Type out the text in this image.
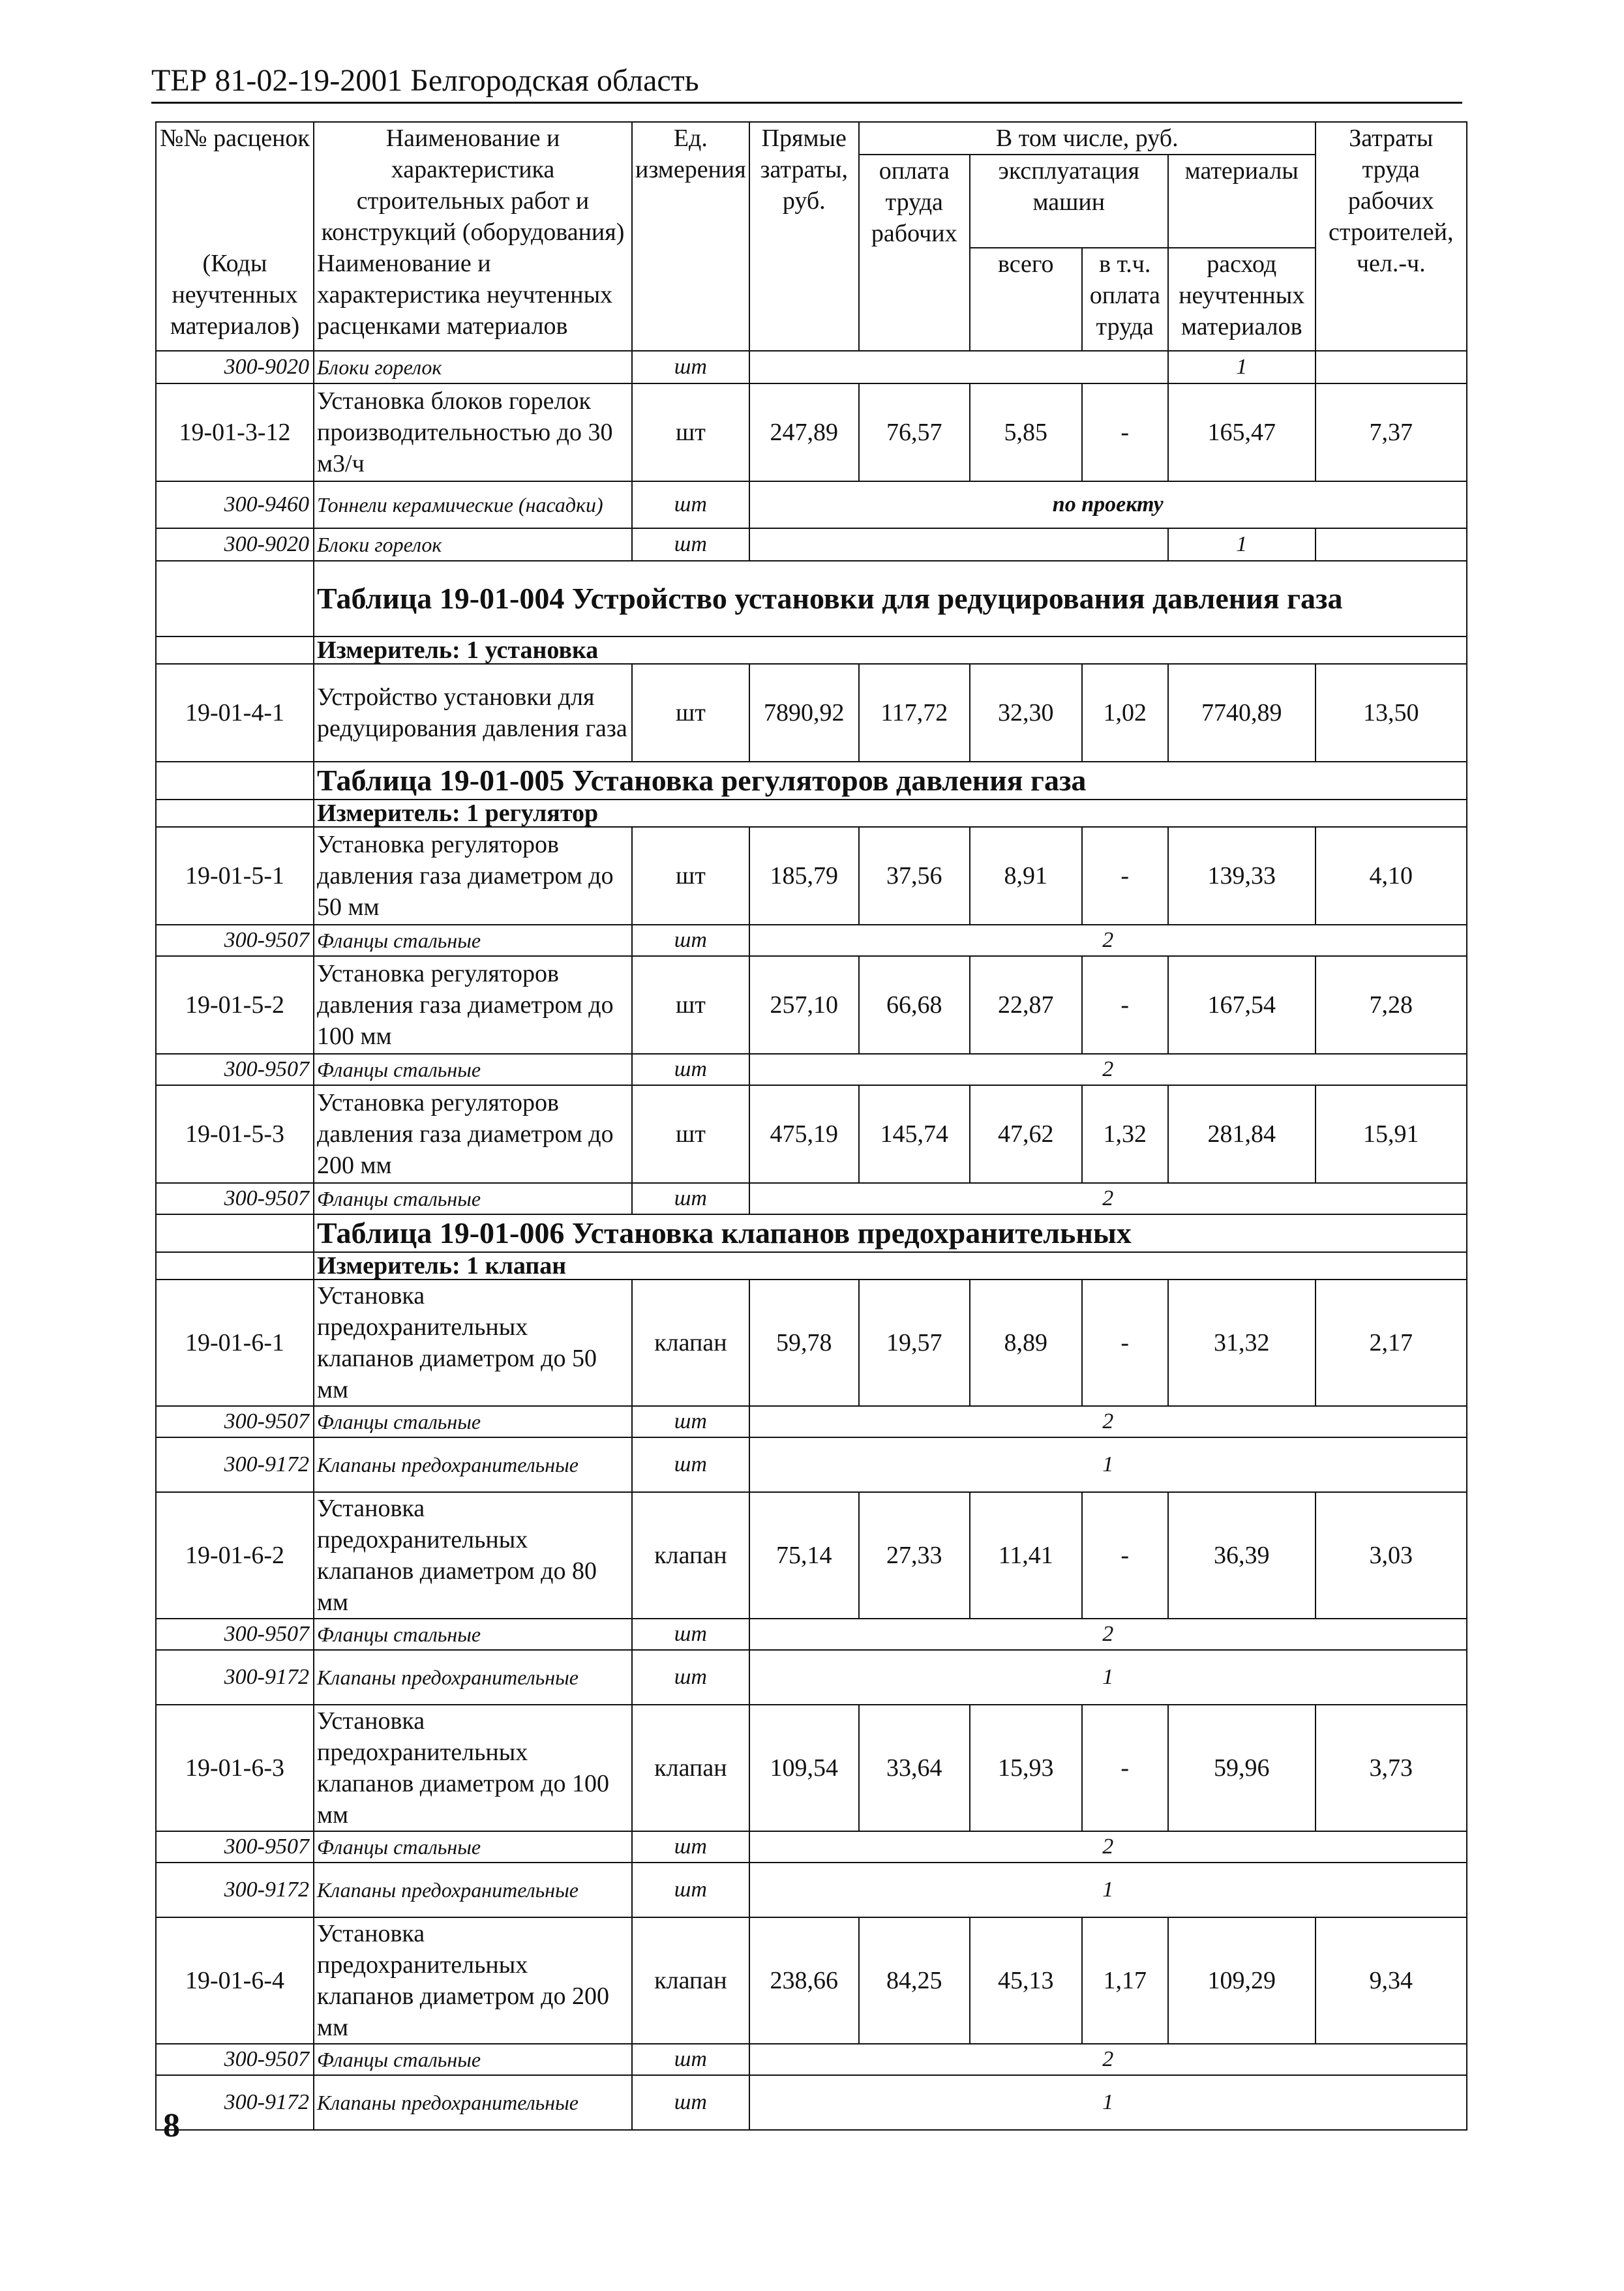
ТЕР 81-02-19-2001 Белгородская область
№№ расценок	Наименование и характеристика строительных работ и конструкций (оборудования)	Ед. измерения	Прямые затраты, руб.	В том числе, руб.				Затраты труда рабочих строителей, чел.-ч.
				оплата труда рабочих	эксплуатация машин		материалы	

(Коды неучтенных материалов)	Наименование и характеристика неучтенных расценками материалов				всего	в т.ч. оплата труда	расход неучтенных материалов	

300-9020	Блоки горелок	шт					1	
19-01-3-12	Установка блоков горелок производительностью до 30 м3/ч	шт	247,89	76,57	5,85	-	165,47	7,37
300-9460	Тоннели керамические (насадки)	шт	по проекту					
300-9020	Блоки горелок	шт					1	
	Таблица 19-01-004 Устройство установки для редуцирования давления газа							
	Измеритель: 1 установка							
19-01-4-1	Устройство установки для редуцирования давления газа	шт	7890,92	117,72	32,30	1,02	7740,89	13,50
	Таблица 19-01-005 Установка регуляторов давления газа							
	Измеритель: 1 регулятор							
19-01-5-1	Установка регуляторов давления газа диаметром до 50 мм	шт	185,79	37,56	8,91	-	139,33	4,10
300-9507	Фланцы стальные	шт	2					
19-01-5-2	Установка регуляторов давления газа диаметром до 100 мм	шт	257,10	66,68	22,87	-	167,54	7,28
300-9507	Фланцы стальные	шт	2					
19-01-5-3	Установка регуляторов давления газа диаметром до 200 мм	шт	475,19	145,74	47,62	1,32	281,84	15,91
300-9507	Фланцы стальные	шт	2					
	Таблица 19-01-006 Установка клапанов предохранительных							
	Измеритель: 1 клапан							
19-01-6-1	Установка предохранительных клапанов диаметром до 50 мм	клапан	59,78	19,57	8,89	-	31,32	2,17
300-9507	Фланцы стальные	шт	2					
300-9172	Клапаны предохранительные	шт	1					
19-01-6-2	Установка предохранительных клапанов диаметром до 80 мм	клапан	75,14	27,33	11,41	-	36,39	3,03
300-9507	Фланцы стальные	шт	2					
300-9172	Клапаны предохранительные	шт	1					
19-01-6-3	Установка предохранительных клапанов диаметром до 100 мм	клапан	109,54	33,64	15,93	-	59,96	3,73
300-9507	Фланцы стальные	шт	2					
300-9172	Клапаны предохранительные	шт	1					
19-01-6-4	Установка предохранительных клапанов диаметром до 200 мм	клапан	238,66	84,25	45,13	1,17	109,29	9,34
300-9507	Фланцы стальные	шт	2					
300-9172	Клапаны предохранительные	шт	1					
8
